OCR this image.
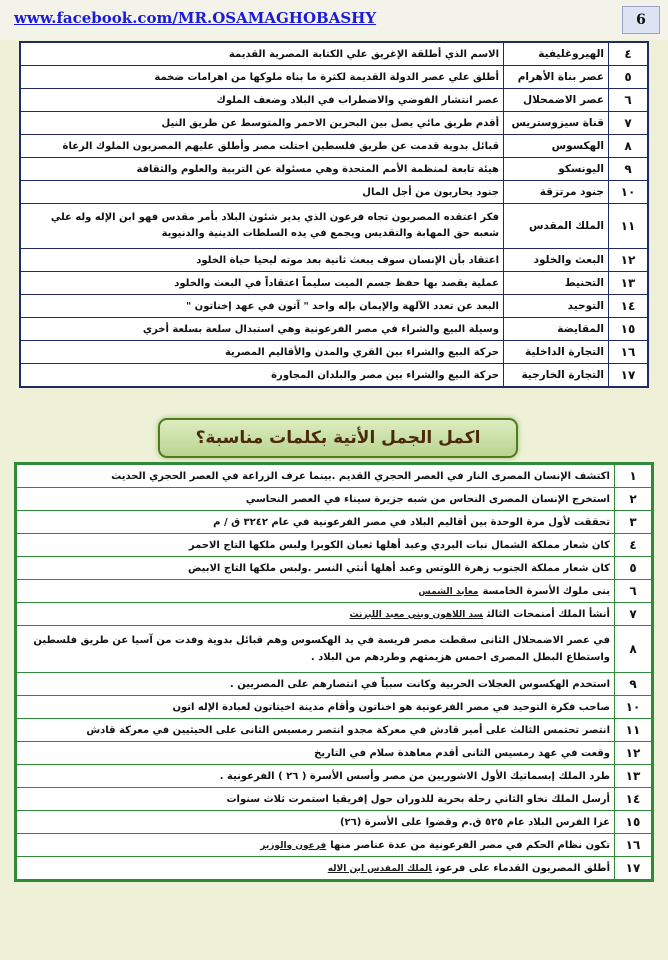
www.facebook.com/MR.OSAMAGHOBASHY	6
٤	الهيروغليفية	الاسم الذي أطلقة الإغريق علي الكتابة المصرية القديمة
٥	عصر بناة الأهرام	أطلق علي عصر الدولة القديمة لكثرة ما بناه ملوكها من اهرامات ضخمة
٦	عصر الاضمحلال	عصر انتشار الفوضي والاضطراب في البلاد وضعف الملوك
٧	قناة سيزوستريس	أقدم طريق مائي يصل بين البحرين الاحمر والمتوسط عن طريق النيل
٨	الهكسوس	قبائل بدوية قدمت عن طريق فلسطين احتلت مصر وأطلق عليهم المصريون الملوك الرعاة
٩	اليونسكو	هيئة تابعة لمنظمة الأمم المتحدة وهي مسئولة عن التربية والعلوم والثقافة
١٠	جنود مرتزقة	جنود يحاربون من أجل المال
١١	الملك المقدس	فكر اعتقده المصريون تجاه فرعون الذي يدير شئون البلاد بأمر مقدس فهو ابن الإله وله علي شعبه حق المهابة والتقديس ويجمع في يده السلطات الدينية والدنيوية
١٢	البعث والخلود	اعتقاد بأن الإنسان سوف يبعث ثانية بعد موته ليحيا حياة الخلود
١٣	التحنيط	عملية يقصد بها حفظ جسم الميت سليماً اعتقاداً في البعث والخلود
١٤	التوحيد	البعد عن تعدد الآلهة والإيمان بإله واحد " آتون في عهد إخناتون "
١٥	المقايضة	وسيلة البيع والشراء في مصر الفرعونية وهي استبدال سلعة بسلعة أخري
١٦	التجارة الداخلية	حركة البيع والشراء بين القري والمدن والأقاليم المصرية
١٧	التجارة الخارجية	حركة البيع والشراء بين مصر والبلدان المجاورة
اكمل الجمل الأتية بكلمات مناسبة؟
١	اكتشف الإنسان المصرى النار في العصر الحجري القديم .بينما عرف الزراعة في العصر الحجري الحديث
٢	استخرج الإنسان المصرى النحاس من شبه جزيرة سيناء في العصر النحاسي
٣	تحققت لأول مرة الوحدة بين أقاليم البلاد في مصر الفرعونية في عام ٣٢٤٢ ق / م
٤	كان شعار مملكة الشمال نبات البردي وعبد أهلها ثعبان الكوبرا ولبس ملكها التاج الاحمر
٥	كان شعار مملكة الجنوب زهرة اللوتس وعبد أهلها أنثي النسر .ولبس ملكها التاج الابيض
٦	بنى ملوك الأسرة الخامسةمعابد الشمس
٧	أنشأ الملك أمنمحات الثالثسد اللاهون وبني معبد اللبرنث
٨	في عصر الاضمحلال الثانى سقطت مصر فريسة في يد الهكسوس وهم قبائل بدوية وفدت من آسيا عن طريق فلسطين واستطاع البطل المصرى احمس هزيمتهم وطردهم من البلاد .
٩	استخدم الهكسوس العجلات الحربية وكانت سبباً في انتصارهم على المصريين .
١٠	صاحب فكرة التوحيد في مصر الفرعونية هو اخناتون وأقام مدينة اخيتاتون لعبادة الإله اتون
١١	انتصر تحتمس الثالث على أمير قادش في معركة مجدو انتصر رمسيس الثانى على الحيثيين في معركة قادش
١٢	وقعت في عهد رمسيس الثانى أقدم معاهدة سلام في التاريخ
١٣	طرد الملك إبسماتيك الأول الاشوريين من مصر وأسس الأسرة ( ٢٦ ) الفرعونية .
١٤	أرسل الملك نخاو الثاني رحلة بحرية للدوران حول إفريقيا استمرت ثلاث سنوات
١٥	غزا الفرس البلاد عام ٥٢٥ ق.م وقضوا على الأسرة (٢٦)
١٦	تكون نظام الحكم في مصر الفرعونية من عدة عناصر منهافرعون والوزير
١٧	أطلق المصريون القدماء على فرعونالملك المقدس ابن الاله
